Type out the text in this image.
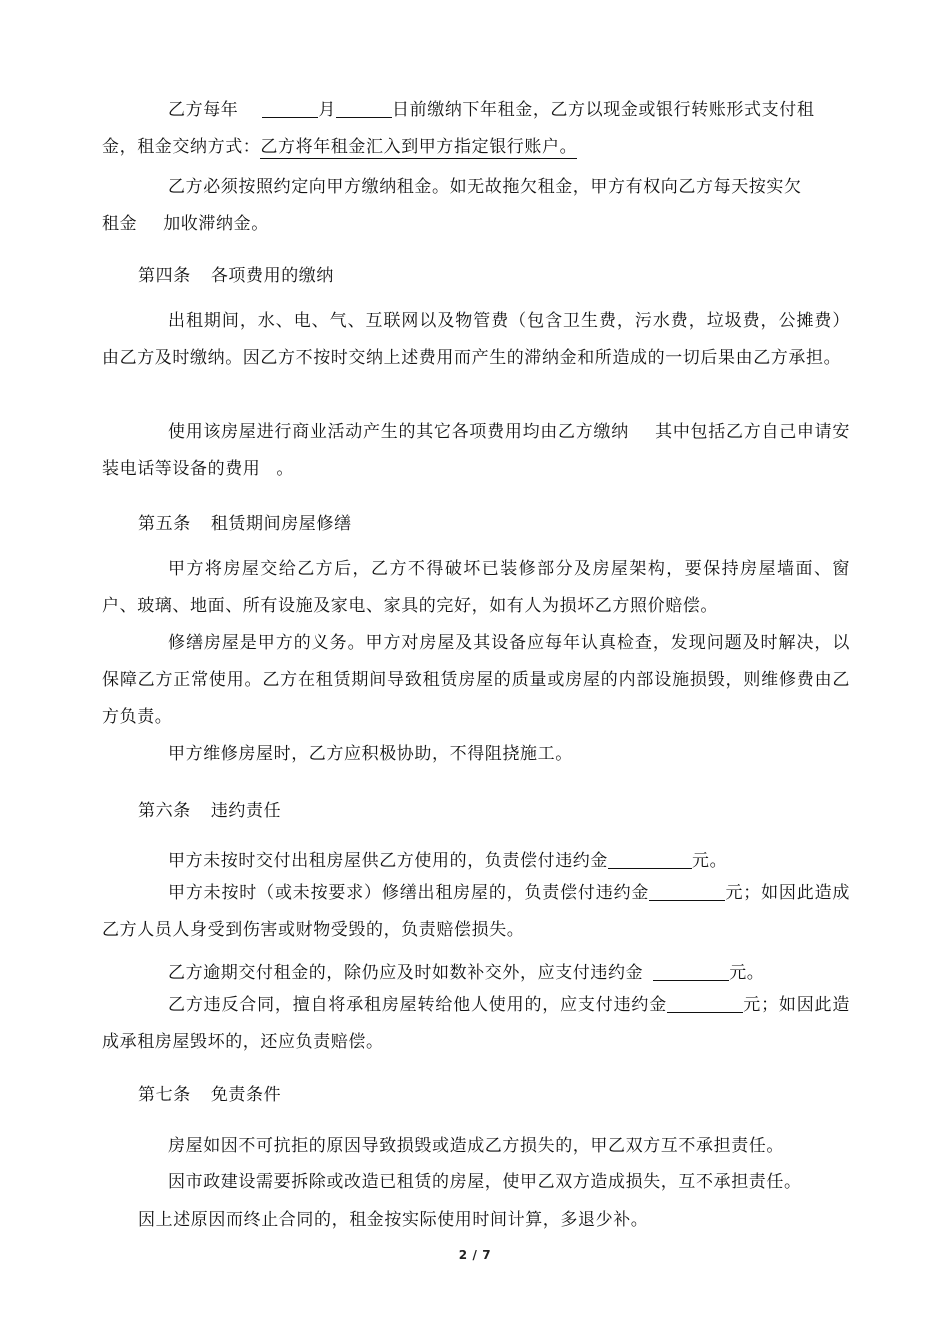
乙方每年	月	日前缴纳下年租金，乙方以现金或银行转账形式支付租
金，租金交纳方式：乙方将年租金汇入到甲方指定银行账户。
乙方必须按照约定向甲方缴纳租金。如无故拖欠租金，甲方有权向乙方每天按实欠
租金 加收滞纳金。
第四条 各项费用的缴纳
出租期间，水、电、气、互联网以及物管费（包含卫生费，污水费，垃圾费，公摊费）由乙方及时缴纳。因乙方不按时交纳上述费用而产生的滞纳金和所造成的一切后果由乙方承担。
使用该房屋进行商业活动产生的其它各项费用均由乙方缴纳 其中包括乙方自己申请安装电话等设备的费用 。
第五条 租赁期间房屋修缮
甲方将房屋交给乙方后，乙方不得破坏已装修部分及房屋架构，要保持房屋墙面、窗户、玻璃、地面、所有设施及家电、家具的完好，如有人为损坏乙方照价赔偿。
修缮房屋是甲方的义务。甲方对房屋及其设备应每年认真检查，发现问题及时解决，以保障乙方正常使用。乙方在租赁期间导致租赁房屋的质量或房屋的内部设施损毁，则维修费由乙方负责。
甲方维修房屋时，乙方应积极协助，不得阻挠施工。
第六条 违约责任
甲方未按时交付出租房屋供乙方使用的，负责偿付违约金	元。
甲方未按时（或未按要求）修缮出租房屋的，负责偿付违约金	元；如因此造成乙方人员人身受到伤害或财物受毁的，负责赔偿损失。
乙方逾期交付租金的，除仍应及时如数补交外，应支付违约金	元。
乙方违反合同，擅自将承租房屋转给他人使用的，应支付违约金	元；如因此造成承租房屋毁坏的，还应负责赔偿。
第七条 免责条件
房屋如因不可抗拒的原因导致损毁或造成乙方损失的，甲乙双方互不承担责任。
因市政建设需要拆除或改造已租赁的房屋，使甲乙双方造成损失，互不承担责任。
因上述原因而终止合同的，租金按实际使用时间计算，多退少补。
2 / 7
